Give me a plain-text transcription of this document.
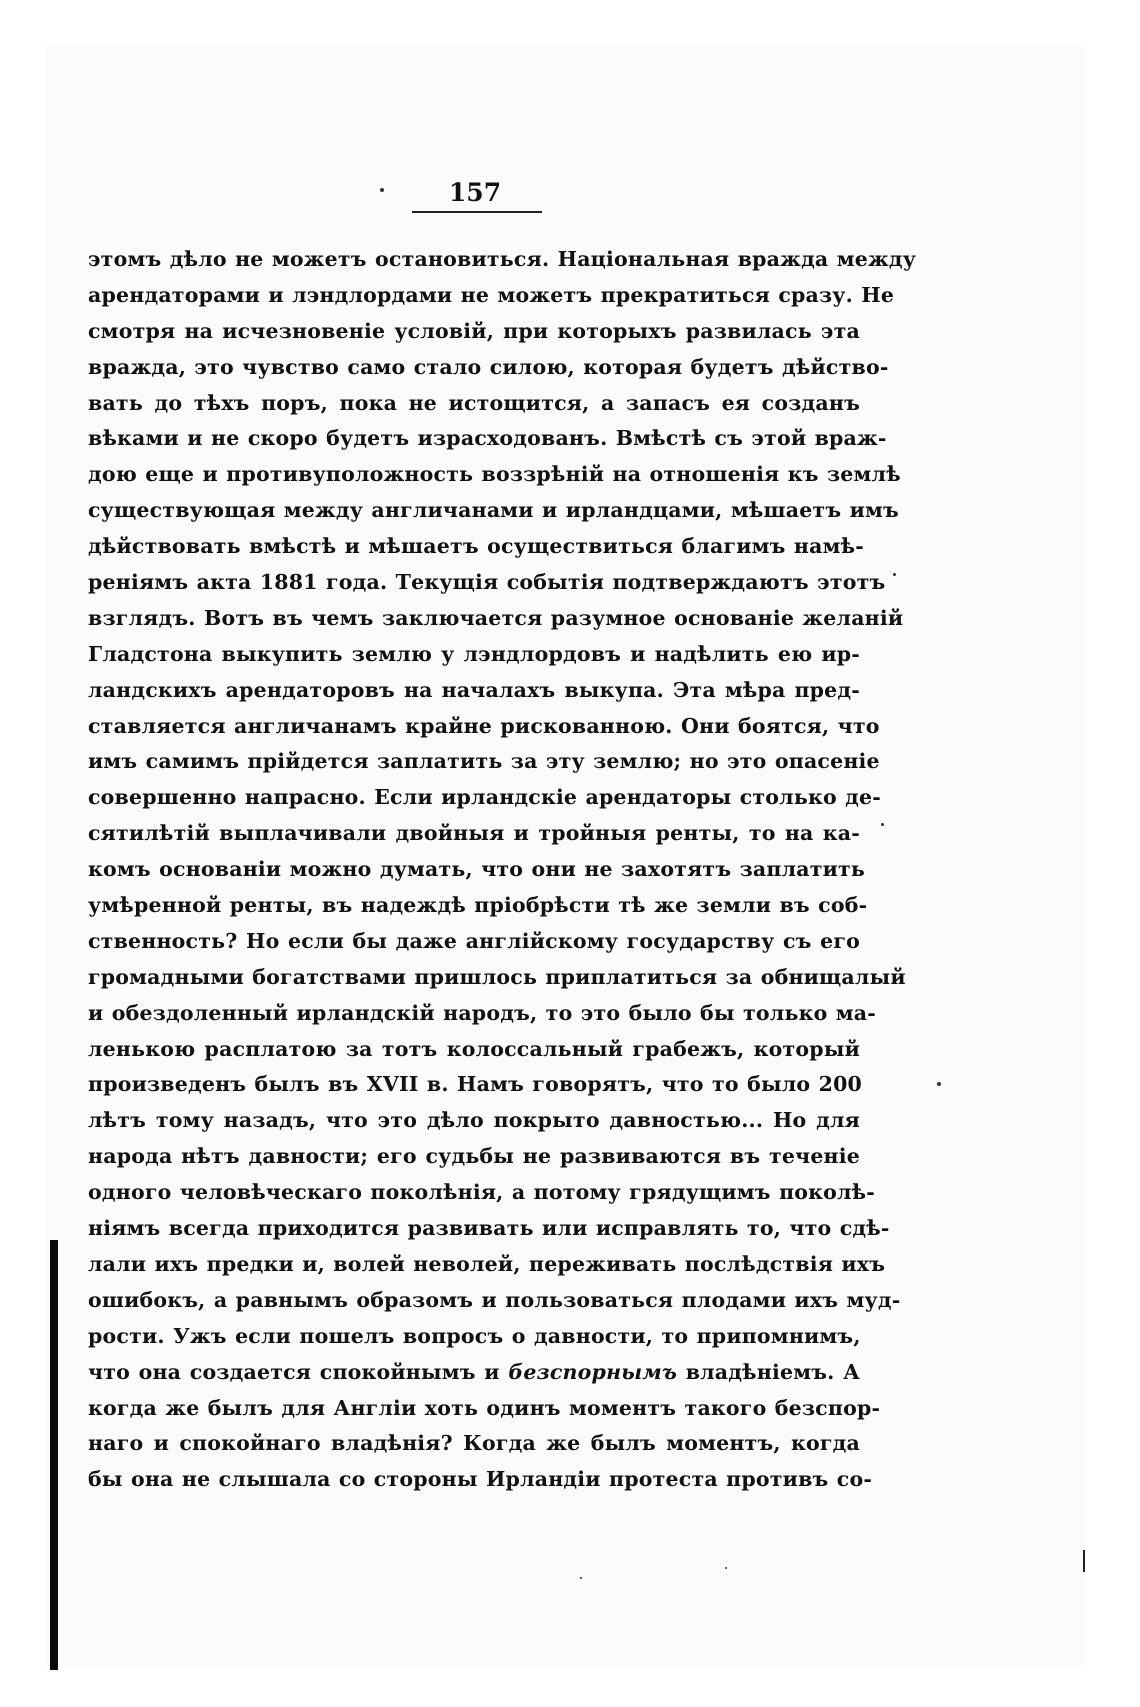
157
этомъ дѣло не можетъ остановиться. Національная вражда между
арендаторами и лэндлордами не можетъ прекратиться сразу. Не
смотря на исчезновеніе условій, при которыхъ развилась эта
вражда, это чувство само стало силою, которая будетъ дѣйство-
вать до тѣхъ поръ, пока не истощится, а запасъ ея созданъ
вѣками и не скоро будетъ израсходованъ. Вмѣстѣ съ этой враж-
дою еще и противуположность воззрѣній на отношенія къ землѣ
существующая между англичанами и ирландцами, мѣшаетъ имъ
дѣйствовать вмѣстѣ и мѣшаетъ осуществиться благимъ намѣ-
реніямъ акта 1881 года. Текущія событія подтверждаютъ этотъ
взглядъ. Вотъ въ чемъ заключается разумное основаніе желаній
Гладстона выкупить землю у лэндлордовъ и надѣлить ею ир-
ландскихъ арендаторовъ на началахъ выкупа. Эта мѣра пред-
ставляется англичанамъ крайне рискованною. Они боятся, что
имъ самимъ прійдется заплатить за эту землю; но это опасеніе
совершенно напрасно. Если ирландскіе арендаторы столько де-
сятилѣтій выплачивали двойныя и тройныя ренты, то на ка-
комъ основаніи можно думать, что они не захотятъ заплатить
умѣренной ренты, въ надеждѣ пріобрѣсти тѣ же земли въ соб-
ственность? Но если бы даже англійскому государству съ его
громадными богатствами пришлось приплатиться за обнищалый
и обездоленный ирландскій народъ, то это было бы только ма-
ленькою расплатою за тотъ колоссальный грабежъ, который
произведенъ былъ въ XVII в. Намъ говорятъ, что то было 200
лѣтъ тому назадъ, что это дѣло покрыто давностью... Но для
народа нѣтъ давности; его судьбы не развиваются въ теченіе
одного человѣческаго поколѣнія, а потому грядущимъ поколѣ-
ніямъ всегда приходится развивать или исправлять то, что сдѣ-
лали ихъ предки и, волей неволей, переживать послѣдствія ихъ
ошибокъ, а равнымъ образомъ и пользоваться плодами ихъ муд-
рости. Ужъ если пошелъ вопросъ о давности, то припомнимъ,
что она создается спокойнымъ и безспорнымъ владѣніемъ. А
когда же былъ для Англіи хоть одинъ моментъ такого безспор-
наго и спокойнаго владѣнія? Когда же былъ моментъ, когда
бы она не слышала со стороны Ирландіи протеста противъ со-
